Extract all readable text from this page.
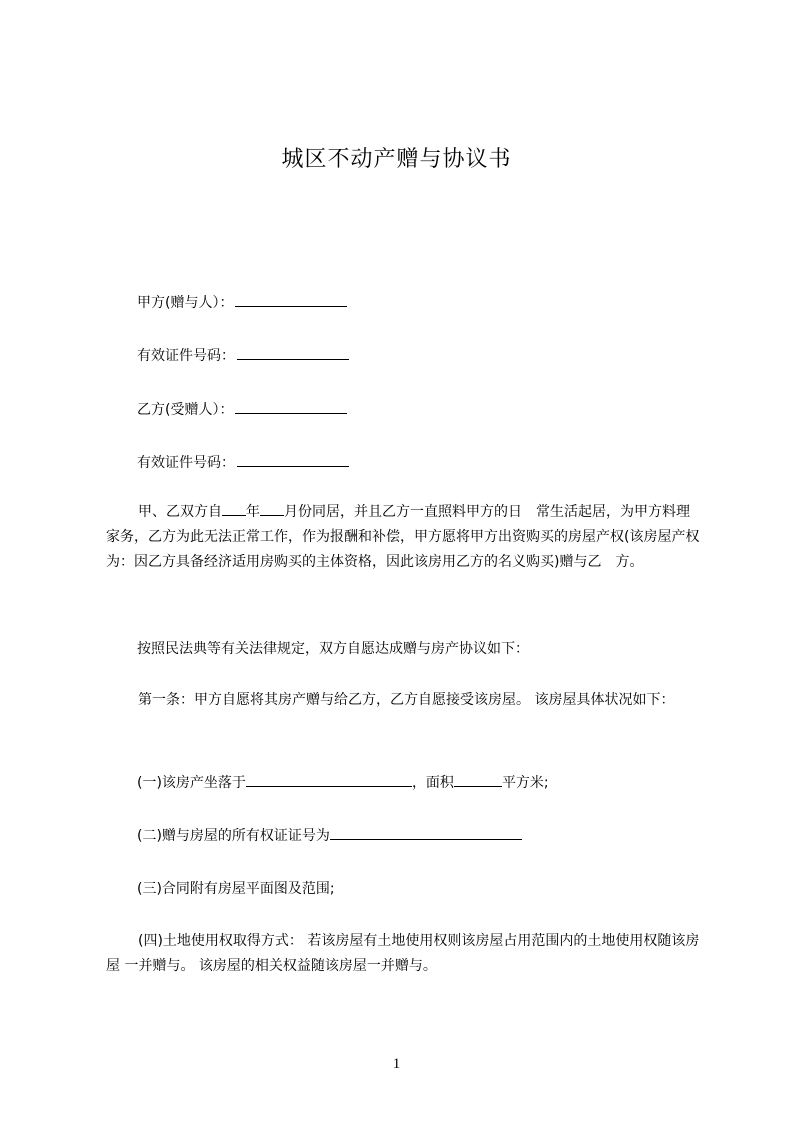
城区不动产赠与协议书
甲方(赠与人）：
有效证件号码：
乙方(受赠人）：
有效证件号码：
甲、乙双方自 年 月份同居，并且乙方一直照料甲方的日　常生活起居，为甲方料理家务，乙方为此无法正常工作，作为报酬和补偿，甲方愿将甲方出资购买的房屋产权(该房屋产权为：因乙方具备经济适用房购买的主体资格，因此该房用乙方的名义购买)赠与乙　方。
按照民法典等有关法律规定，双方自愿达成赠与房产协议如下：
第一条：甲方自愿将其房产赠与给乙方，乙方自愿接受该房屋。 该房屋具体状况如下：
(一)该房产坐落于	，面积	平方米;
(二)赠与房屋的所有权证证号为
(三)合同附有房屋平面图及范围;
(四)土地使用权取得方式： 若该房屋有土地使用权则该房屋占用范围内的土地使用权随该房屋 一并赠与。 该房屋的相关权益随该房屋一并赠与。
1
